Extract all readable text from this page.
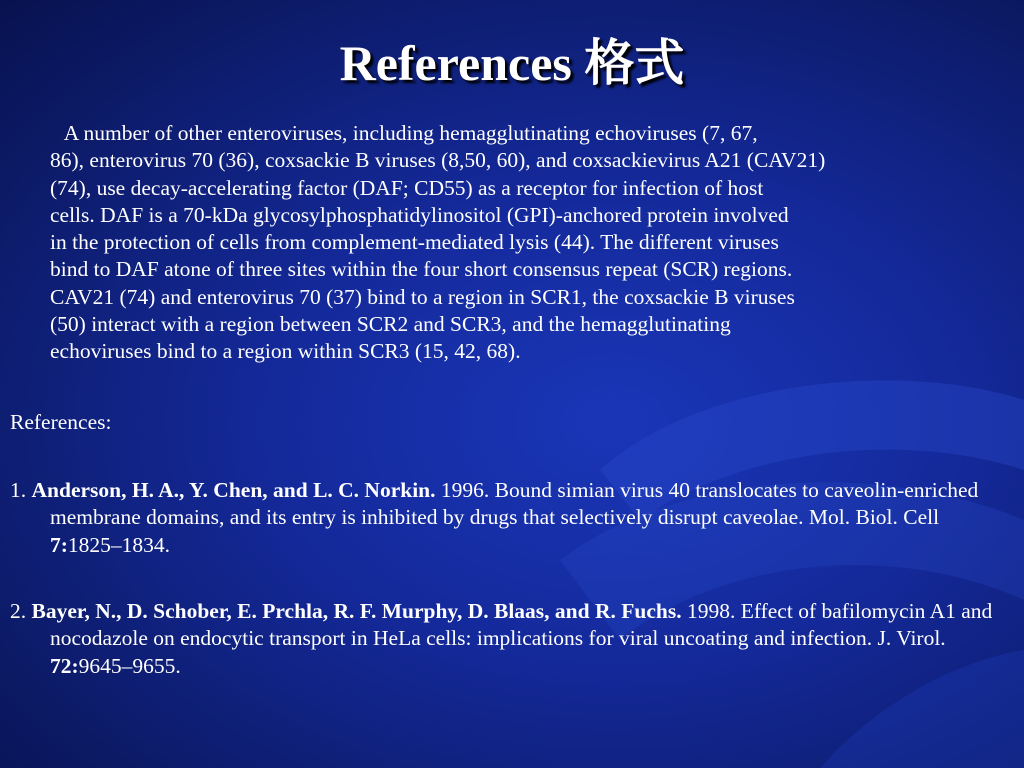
References 格式
A number of other enteroviruses, including hemagglutinating echoviruses (7, 67,
86), enterovirus 70 (36), coxsackie B viruses (8,50, 60), and coxsackievirus A21 (CAV21)
(74), use decay-accelerating factor (DAF; CD55) as a receptor for infection of host
cells. DAF is a 70-kDa glycosylphosphatidylinositol (GPI)-anchored protein involved
in the protection of cells from complement-mediated lysis (44). The different viruses
bind to DAF atone of three sites within the four short consensus repeat (SCR) regions.
CAV21 (74) and enterovirus 70 (37) bind to a region in SCR1, the coxsackie B viruses
(50) interact with a region between SCR2 and SCR3, and the hemagglutinating
echoviruses bind to a region within SCR3 (15, 42, 68).
References:
1. Anderson, H. A., Y. Chen, and L. C. Norkin. 1996. Bound simian virus 40 translocates to caveolin-enriched membrane domains, and its entry is inhibited by drugs that selectively disrupt caveolae. Mol. Biol. Cell 7:1825–1834.
2. Bayer, N., D. Schober, E. Prchla, R. F. Murphy, D. Blaas, and R. Fuchs. 1998. Effect of bafilomycin A1 and nocodazole on endocytic transport in HeLa cells: implications for viral uncoating and infection. J. Virol. 72:9645–9655.
